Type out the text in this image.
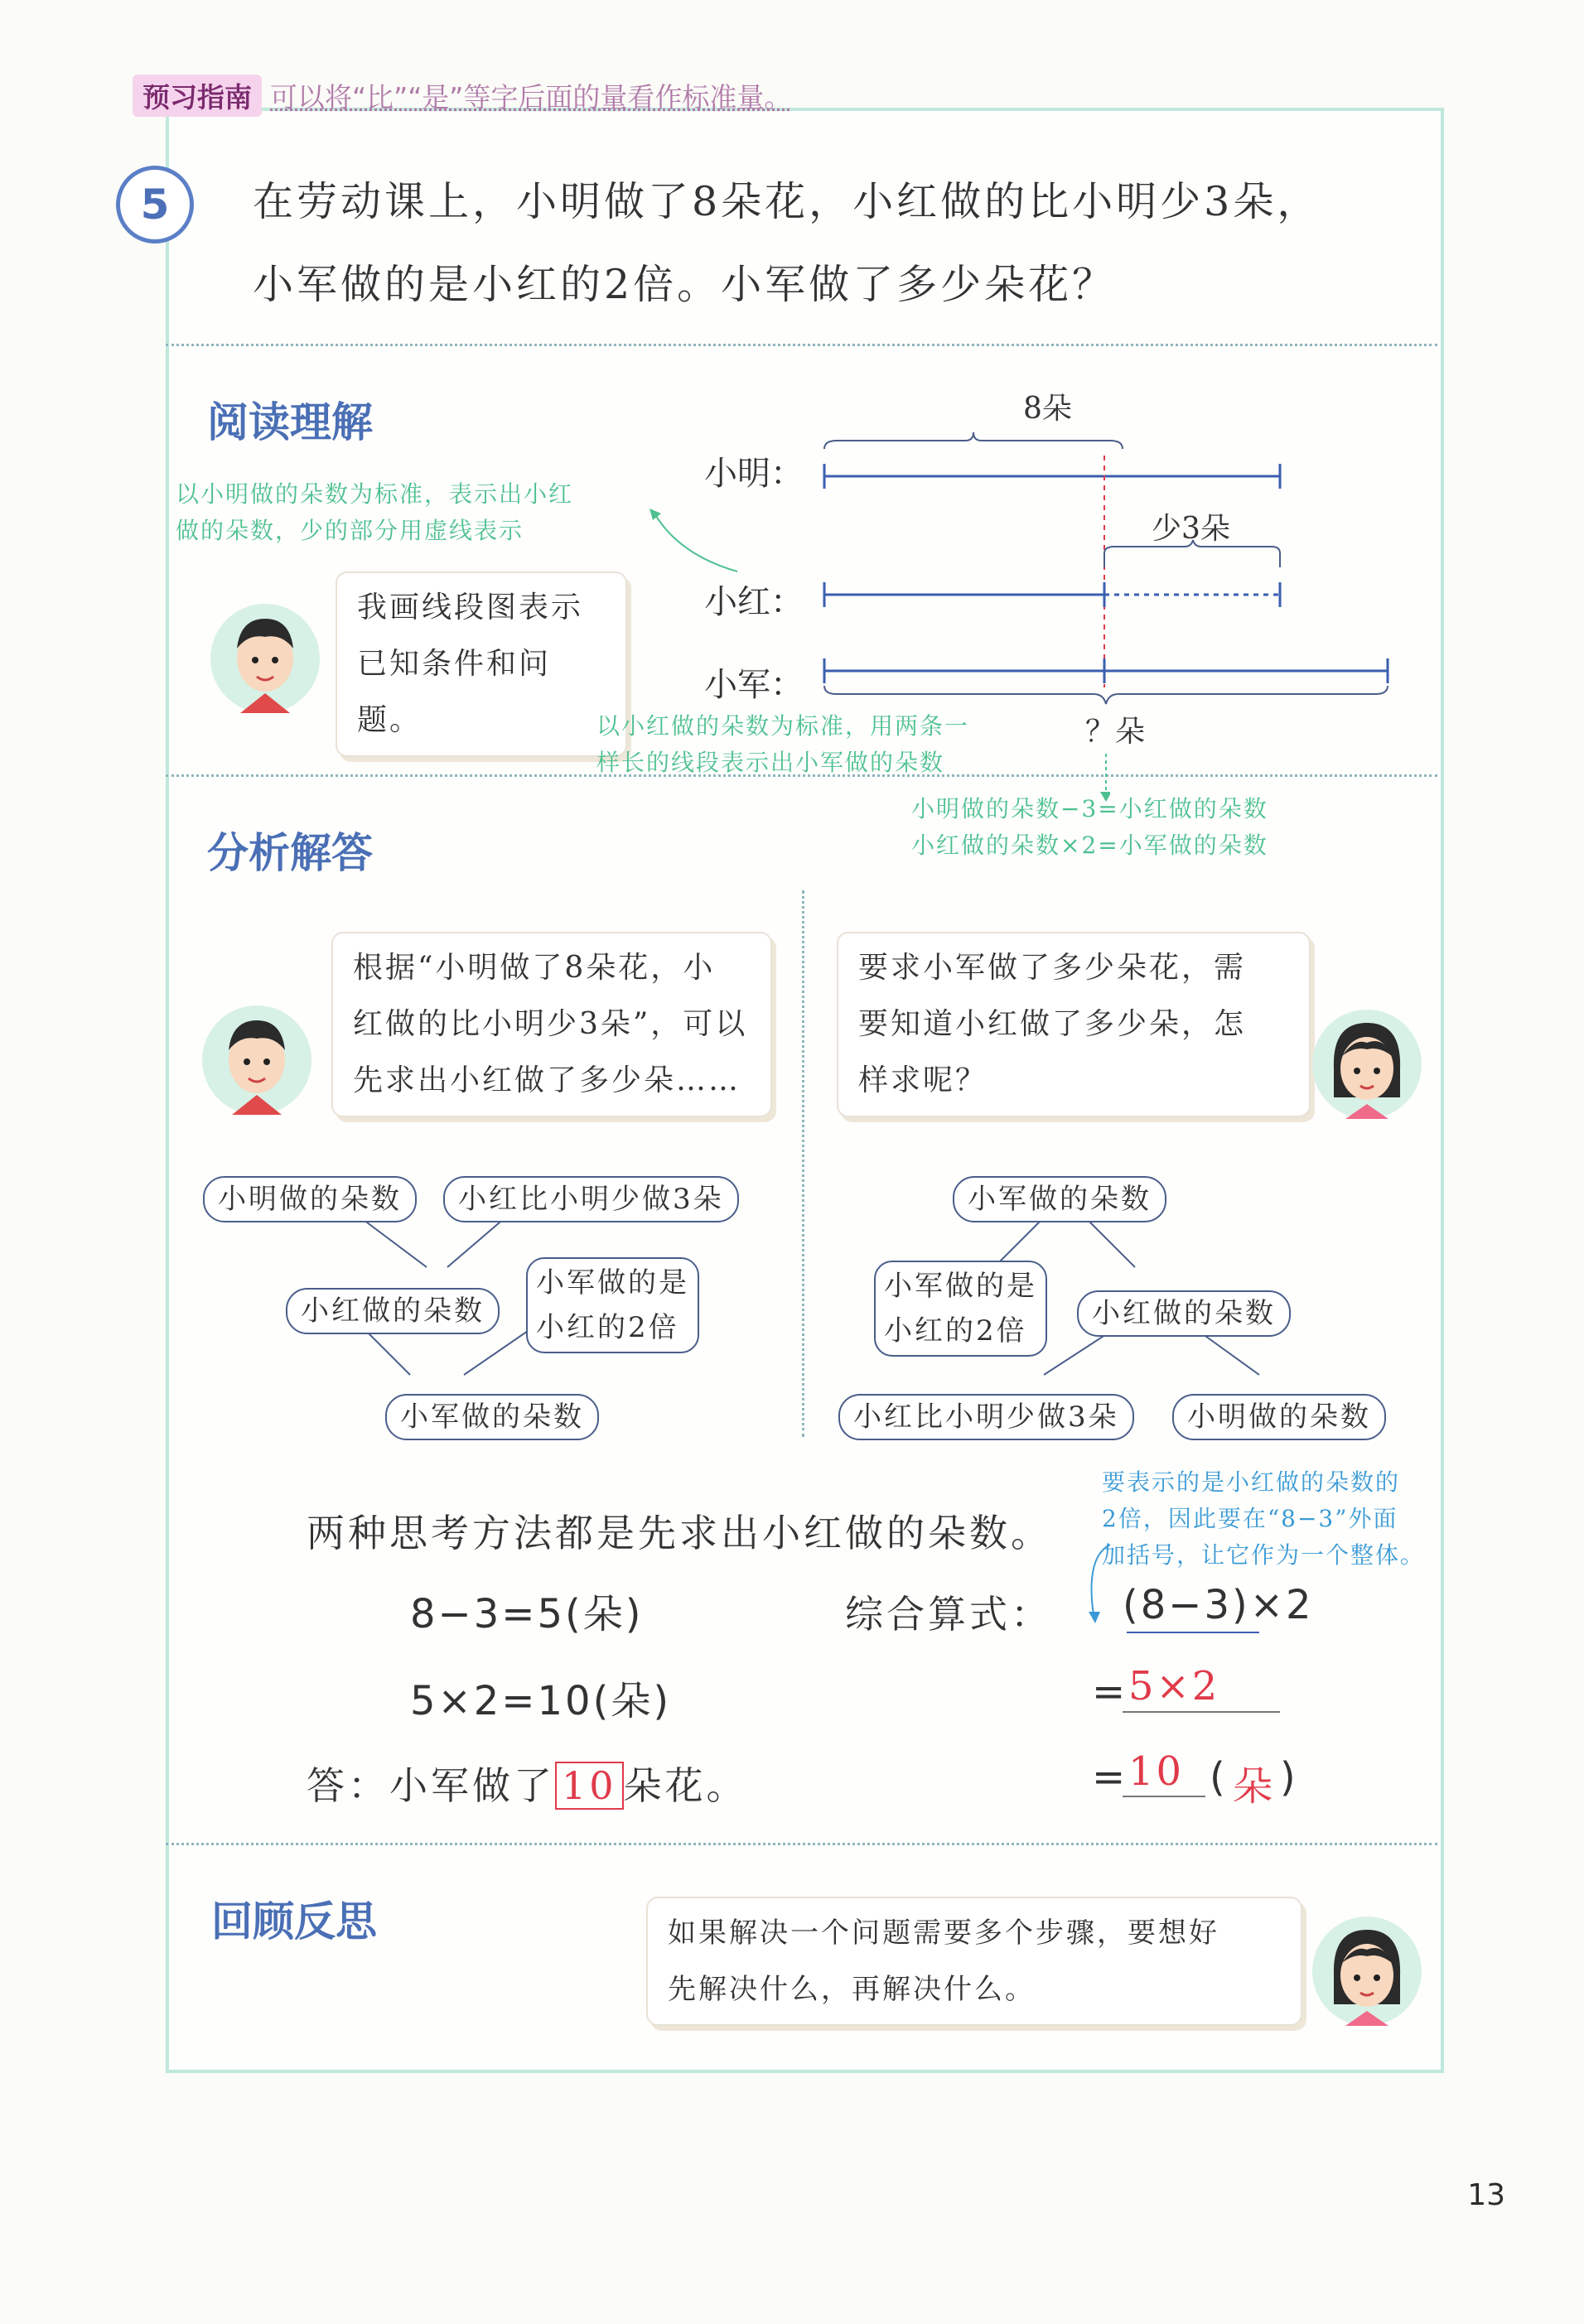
预习指南 可以将“比”“是”等字后面的量看作标准量。
5	在劳动课上，小明做了8朵花，小红做的比小明少3朵，
小军做的是小红的2倍。小军做了多少朵花？
阅读理解
以小明做的朵数为标准，表示出小红
做的朵数，少的部分用虚线表示
我画线段图表示
已知条件和问题。
小明：
小红：
小军：
8朵
少3朵
？朵
以小红做的朵数为标准，用两条一
样长的线段表示出小军做的朵数
小明做的朵数−3=小红做的朵数
小红做的朵数×2=小军做的朵数
分析解答
根据“小明做了8朵花，小
红做的比小明少3朵”，可以
先求出小红做了多少朵……
要求小军做了多少朵花，需
要知道小红做了多少朵，怎
样求呢？
小明做的朵数	小红比小明少做3朵
小红做的朵数
小军做的是
小红的2倍
小军做的朵数
小军做的朵数
小军做的是
小红的2倍
小红做的朵数
小红比小明少做3朵	小明做的朵数
两种思考方法都是先求出小红做的朵数。
要表示的是小红做的朵数的
2倍，因此要在“8−3”外面
加括号，让它作为一个整体。
8−3=5(朵)
5×2=10(朵)
综合算式： (8−3)×2
= 5×2
= 10 ( 朵 )
答：小军做了 10 朵花。
回顾反思	如果解决一个问题需要多个步骤，要想好
先解决什么，再解决什么。
13
